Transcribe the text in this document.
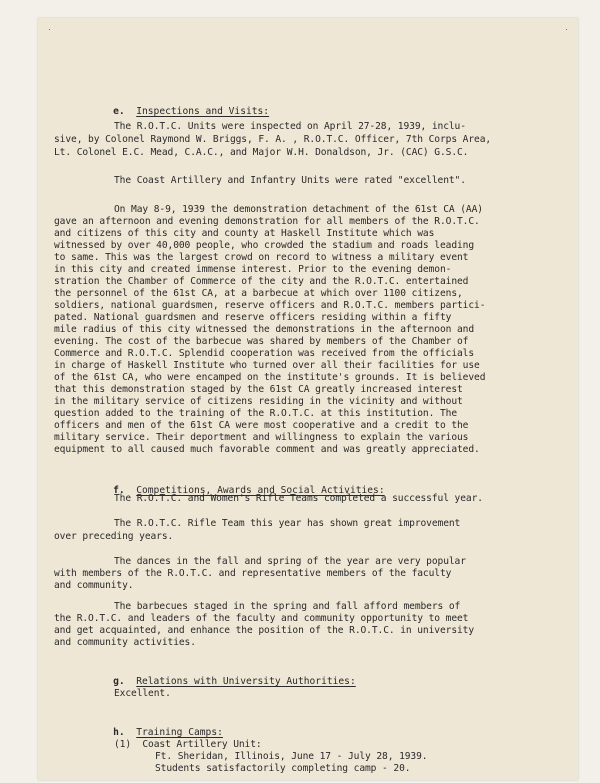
·	·

e. Inspections and Visits:

The R.O.T.C. Units were inspected on April 27-28, 1939, inclu-

sive, by Colonel Raymond W. Briggs, F. A. , R.O.T.C. Officer, 7th Corps Area,

Lt. Colonel E.C. Mead, C.A.C., and Major W.H. Donaldson, Jr. (CAC) G.S.C.

The Coast Artillery and Infantry Units were rated "excellent".

On May 8-9, 1939 the demonstration detachment of the 61st CA (AA)

gave an afternoon and evening demonstration for all members of the R.O.T.C.

and citizens of this city and county at Haskell Institute which was

witnessed by over 40,000 people, who crowded the stadium and roads leading

to same. This was the largest crowd on record to witness a military event

in this city and created immense interest. Prior to the evening demon-

stration the Chamber of Commerce of the city and the R.O.T.C. entertained

the personnel of the 61st CA, at a barbecue at which over 1100 citizens,

soldiers, national guardsmen, reserve officers and R.O.T.C. members partici-

pated. National guardsmen and reserve officers residing within a fifty

mile radius of this city witnessed the demonstrations in the afternoon and

evening. The cost of the barbecue was shared by members of the Chamber of

Commerce and R.O.T.C. Splendid cooperation was received from the officials

in charge of Haskell Institute who turned over all their facilities for use

of the 61st CA, who were encamped on the institute's grounds. It is believed

that this demonstration staged by the 61st CA greatly increased interest

in the military service of citizens residing in the vicinity and without

question added to the training of the R.O.T.C. at this institution. The

officers and men of the 61st CA were most cooperative and a credit to the

military service. Their deportment and willingness to explain the various

equipment to all caused much favorable comment and was greatly appreciated.

f. Competitions, Awards and Social Activities:

The R.O.T.C. and Women's Rifle Teams completed a successful year.

The R.O.T.C. Rifle Team this year has shown great improvement

over preceding years.

The dances in the fall and spring of the year are very popular

with members of the R.O.T.C. and representative members of the faculty

and community.

The barbecues staged in the spring and fall afford members of

the R.O.T.C. and leaders of the faculty and community opportunity to meet

and get acquainted, and enhance the position of the R.O.T.C. in university

and community activities.

g. Relations with University Authorities:

Excellent.

h. Training Camps:

(1)  Coast Artillery Unit:

Ft. Sheridan, Illinois, June 17 - July 28, 1939.

Students satisfactorily completing camp - 20.
